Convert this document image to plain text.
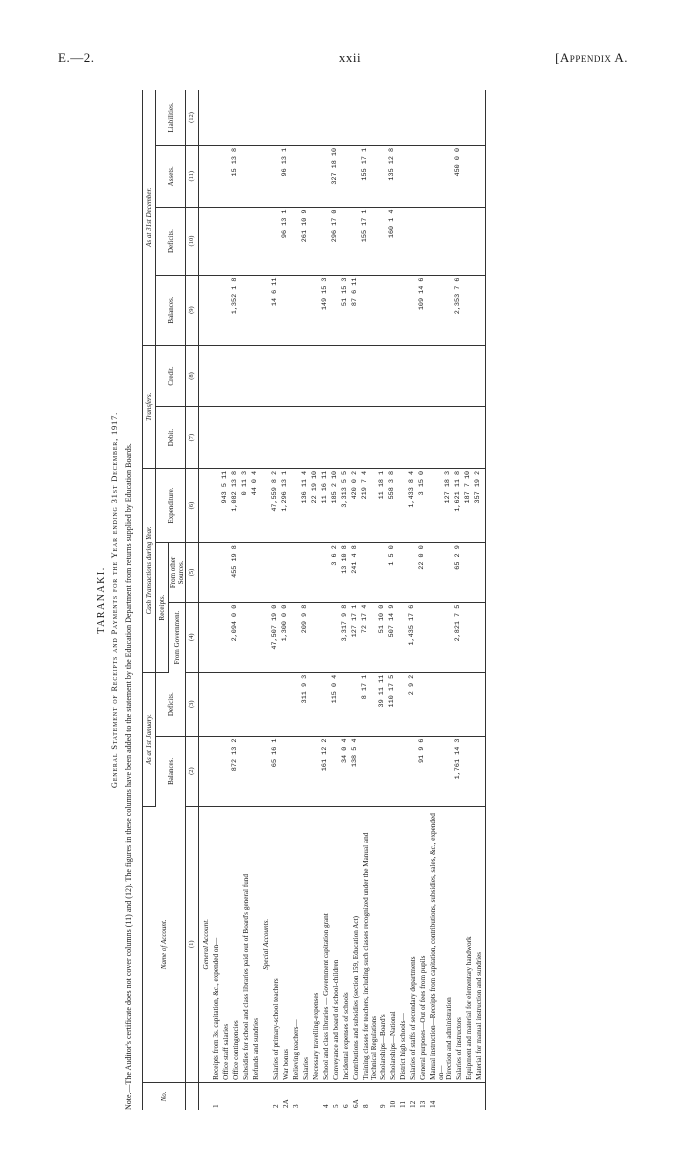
E.—2.	xxii	[Appendix A.
TARANAKI. General Statement of Receipts and Payments for the Year ending 31st December, 1917. Note.—The Auditor's certificate does not cover columns (11) and (12). The figures in these columns have been added to the statement by the Education Department from returns supplied by Education Boards.	No.	Name of Account.	As at 1st January.		Cash Transactions during Year.			Transfers.		As at 31st December.			
		Balances.	Deficits.	Receipts.		Expenditure.	Debit.	Credit.	Balances.	Deficits.	Assets.	Liabilities.
				From Government.	From other Sources.							
	(1)	(2)	(3)	(4)	(5)	(6)	(7)	(8)	(9)	(10)	(11)	(12)
	General Account.											
1	Receipts from 3s. capitation, &c., expended on—											
	Office staff salaries					943 5 11						
	Office contingencies	872 13 2		2,094 0 0	455 19 8	1,082 13 8			1,352 1 8		15 13 8	
	Subsidies for school and class libraries paid out of Board's general fund					0 11 3						
	Refunds and sundries					44 0 4						
	Special Accounts.											
2	Salaries of primary-school teachers	65 16 1		47,507 19 0		47,559 8 2			14 6 11			
2A	War bonus			1,300 0 0		1,296 13 1				96 13 1	96 13 1	
3	Relieving teachers—											
	Salaries		311 9 3	209 9 8		136 11 4				261 10 9		
	Necessary travelling-expenses					22 19 10						
4	School and class libraries — Government capitation grant	161 12 2				11 16 11			149 15 3			
5	Conveyance and board of school-children		115 0 4		3 6 2	185 2 10				296 17 0	327 18 10	
6	Incidental expenses of schools	34 0 4		3,317 9 8	13 10 8	3,313 5 5			51 15 3			
6A	Contributions and subsidies (section 159, Education Act)	138 5 4		127 17 1	241 4 8	420 0 2			87 6 11			
8	Training classes for teachers, including such classes recognized under the Manual and Technical Regulations		8 17 1	72 17 4		219 7 4				155 17 1	155 17 1	
9	Scholarships—Board's		39 11 11	51 10 0		11 18 1						
10	Scholarships—National		110 17 5	507 14 9	1 5 0	558 3 8				160 1 4	135 12 8	
11	District high schools—											
12	Salaries of staffs of secondary departments		2 9 2	1,435 17 6		1,433 8 4						
13	General purposes—Out of fees from pupils	91 9 6			22 0 0	3 15 0			109 14 6			
14	Manual instruction—Receipts from capitation, contributions, subsidies, sales, &c., expended on—											
	Direction and administration					127 18 3						
	Salaries of instructors	1,761 14 3		2,821 7 5	65 2 9	1,621 11 8			2,353 7 6		450 0 0	
	Equipment and material for elementary handwork					187 7 10						
	Material for manual instruction and sundries					357 19 2						
